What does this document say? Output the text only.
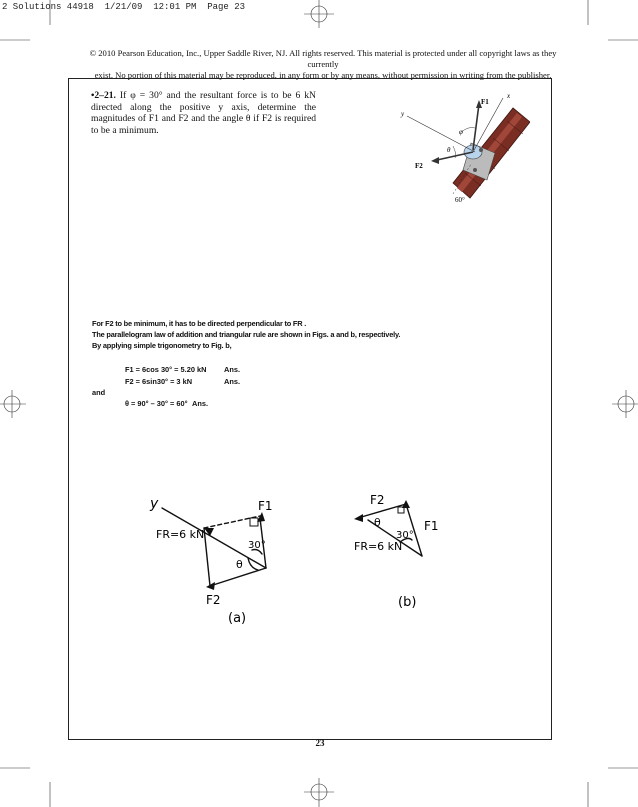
2 Solutions 44918  1/21/09  12:01 PM  Page 23
© 2010 Pearson Education, Inc., Upper Saddle River, NJ. All rights reserved. This material is protected under all copyright laws as they currently
exist. No portion of this material may be reproduced, in any form or by any means, without permission in writing from the publisher.
•2–21. If φ = 30° and the resultant force is to be 6 kN directed along the positive y axis, determine the magnitudes of F1 and F2 and the angle θ if F2 is required to be a minimum.
x
y
F1
F2
φ
θ
60°
For F2 to be minimum, it has to be directed perpendicular to FR .
The parallelogram law of addition and triangular rule are shown in Figs. a and b, respectively.
By applying simple trigonometry to Fig. b,
F1 = 6cos 30° = 5.20 kN Ans.
F2 = 6sin30° = 3 kN	Ans.
and
θ = 90° – 30° = 60° Ans.
y	F1
FR=6 kN
30°
θ
F2
(a)
F2
θ	F1
30°
FR=6 kN
(b)
23
